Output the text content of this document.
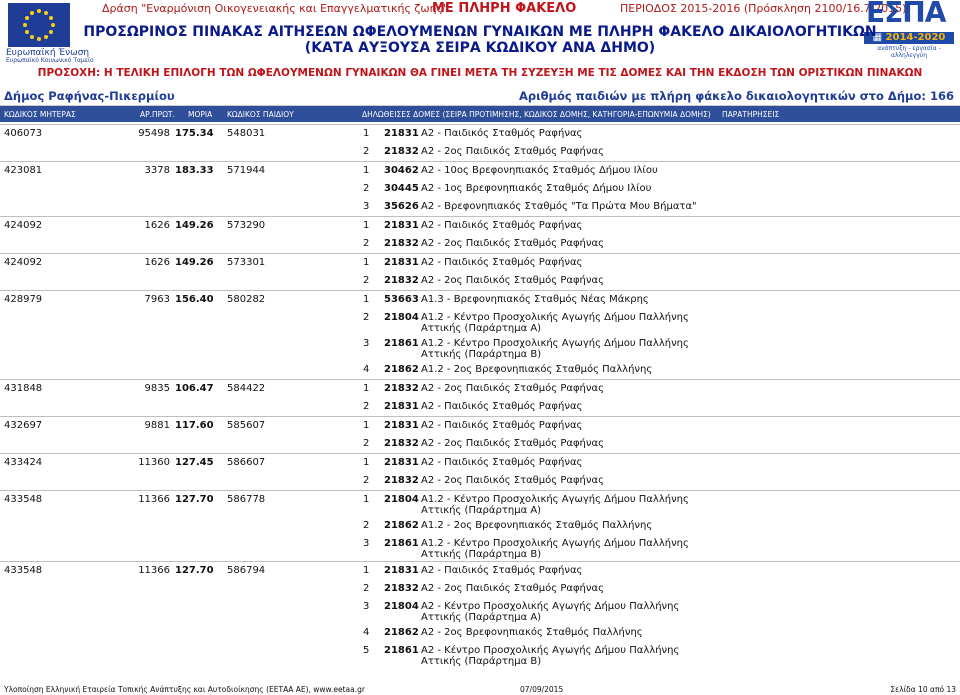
Ευρωπαϊκή Ένωση
Ευρωπαϊκό Κοινωνικό Ταμείο
Δράση "Εναρμόνιση Οικογενειακής και Επαγγελματικής ζωής"
ΜΕ ΠΛΗΡΗ ΦΑΚΕΛΟ	ΠΕΡΙΟΔΟΣ 2015-2016 (Πρόσκληση 2100/16.7.2015)
ΕΣΠΑ
▦ 2014-2020
ανάπτυξη - εργασία - αλληλεγγύη
ΠΡΟΣΩΡΙΝΟΣ ΠΙΝΑΚΑΣ ΑΙΤΗΣΕΩΝ ΩΦΕΛΟΥΜΕΝΩΝ ΓΥΝΑΙΚΩΝ ΜΕ ΠΛΗΡΗ ΦΑΚΕΛΟ ΔΙΚΑΙΟΛΟΓΗΤΙΚΩΝ
(ΚΑΤΑ ΑΥΞΟΥΣΑ ΣΕΙΡΑ ΚΩΔΙΚΟΥ ΑΝΑ ΔΗΜΟ)
ΠΡΟΣΟΧΗ: Η ΤΕΛΙΚΗ ΕΠΙΛΟΓΗ ΤΩΝ ΩΦΕΛΟΥΜΕΝΩΝ ΓΥΝΑΙΚΩΝ ΘΑ ΓΙΝΕΙ ΜΕΤΑ ΤΗ ΣΥΖΕΥΞΗ ΜΕ ΤΙΣ ΔΟΜΕΣ ΚΑΙ ΤΗΝ ΕΚΔΟΣΗ ΤΩΝ ΟΡΙΣΤΙΚΩΝ ΠΙΝΑΚΩΝ
Δήμος Ραφήνας-Πικερμίου	Αριθμός παιδιών με πλήρη φάκελο δικαιολογητικών στο Δήμο: 166
ΚΩΔΙΚΟΣ ΜΗΤΕΡΑΣ	ΑΡ.ΠΡΩΤ. ΜΟΡΙΑ ΚΩΔΙΚΟΣ ΠΑΙΔΙΟΥ	ΔΗΛΩΘΕΙΣΕΣ ΔΟΜΕΣ (ΣΕΙΡΑ ΠΡΟΤΙΜΗΣΗΣ, ΚΩΔΙΚΟΣ ΔΟΜΗΣ, ΚΑΤΗΓΟΡΙΑ-ΕΠΩΝΥΜΙΑ ΔΟΜΗΣ) ΠΑΡΑΤΗΡΗΣΕΙΣ
406073	95498 175.34 548031	1 21831 Α2 - Παιδικός Σταθμός Ραφήνας
2 21832 Α2 - 2ος Παιδικός Σταθμός Ραφήνας
423081	3378 183.33 571944	1 30462 Α2 - 10ος Βρεφονηπιακός Σταθμός Δήμου Ιλίου
2 30445 Α2 - 1ος Βρεφονηπιακός Σταθμός Δήμου Ιλίου
3 35626 Α2 - Βρεφονηπιακός Σταθμός "Τα Πρώτα Μου Βήματα"
424092	1626 149.26 573290	1 21831 Α2 - Παιδικός Σταθμός Ραφήνας
2 21832 Α2 - 2ος Παιδικός Σταθμός Ραφήνας
424092	1626 149.26 573301	1 21831 Α2 - Παιδικός Σταθμός Ραφήνας
2 21832 Α2 - 2ος Παιδικός Σταθμός Ραφήνας
428979	7963 156.40 580282	1 53663 Α1.3 - Βρεφονηπιακός Σταθμός Νέας Μάκρης
2 21804 Α1.2 - Κέντρο Προσχολικής Αγωγής Δήμου Παλλήνης Αττικής (Παράρτημα Α)
3 21861 Α1.2 - Κέντρο Προσχολικής Αγωγής Δήμου Παλλήνης Αττικής (Παράρτημα Β)
4 21862 Α1.2 - 2ος Βρεφονηπιακός Σταθμός Παλλήνης
431848	9835 106.47 584422	1 21832 Α2 - 2ος Παιδικός Σταθμός Ραφήνας
2 21831 Α2 - Παιδικός Σταθμός Ραφήνας
432697	9881 117.60 585607	1 21831 Α2 - Παιδικός Σταθμός Ραφήνας
2 21832 Α2 - 2ος Παιδικός Σταθμός Ραφήνας
433424	11360 127.45 586607	1 21831 Α2 - Παιδικός Σταθμός Ραφήνας
2 21832 Α2 - 2ος Παιδικός Σταθμός Ραφήνας
433548	11366 127.70 586778	1 21804 Α1.2 - Κέντρο Προσχολικής Αγωγής Δήμου Παλλήνης Αττικής (Παράρτημα Α)
2 21862 Α1.2 - 2ος Βρεφονηπιακός Σταθμός Παλλήνης
3 21861 Α1.2 - Κέντρο Προσχολικής Αγωγής Δήμου Παλλήνης Αττικής (Παράρτημα Β)
433548	11366 127.70 586794	1 21831 Α2 - Παιδικός Σταθμός Ραφήνας
2 21832 Α2 - 2ος Παιδικός Σταθμός Ραφήνας
3 21804 Α2 - Κέντρο Προσχολικής Αγωγής Δήμου Παλλήνης Αττικής (Παράρτημα Α)
4 21862 Α2 - 2ος Βρεφονηπιακός Σταθμός Παλλήνης
5 21861 Α2 - Κέντρο Προσχολικής Αγωγής Δήμου Παλλήνης Αττικής (Παράρτημα Β)
Υλοποίηση Ελληνική Εταιρεία Τοπικής Ανάπτυξης και Αυτοδιοίκησης (ΕΕΤΑΑ ΑΕ), www.eetaa.gr	07/09/2015	Σελίδα 10 από 13
